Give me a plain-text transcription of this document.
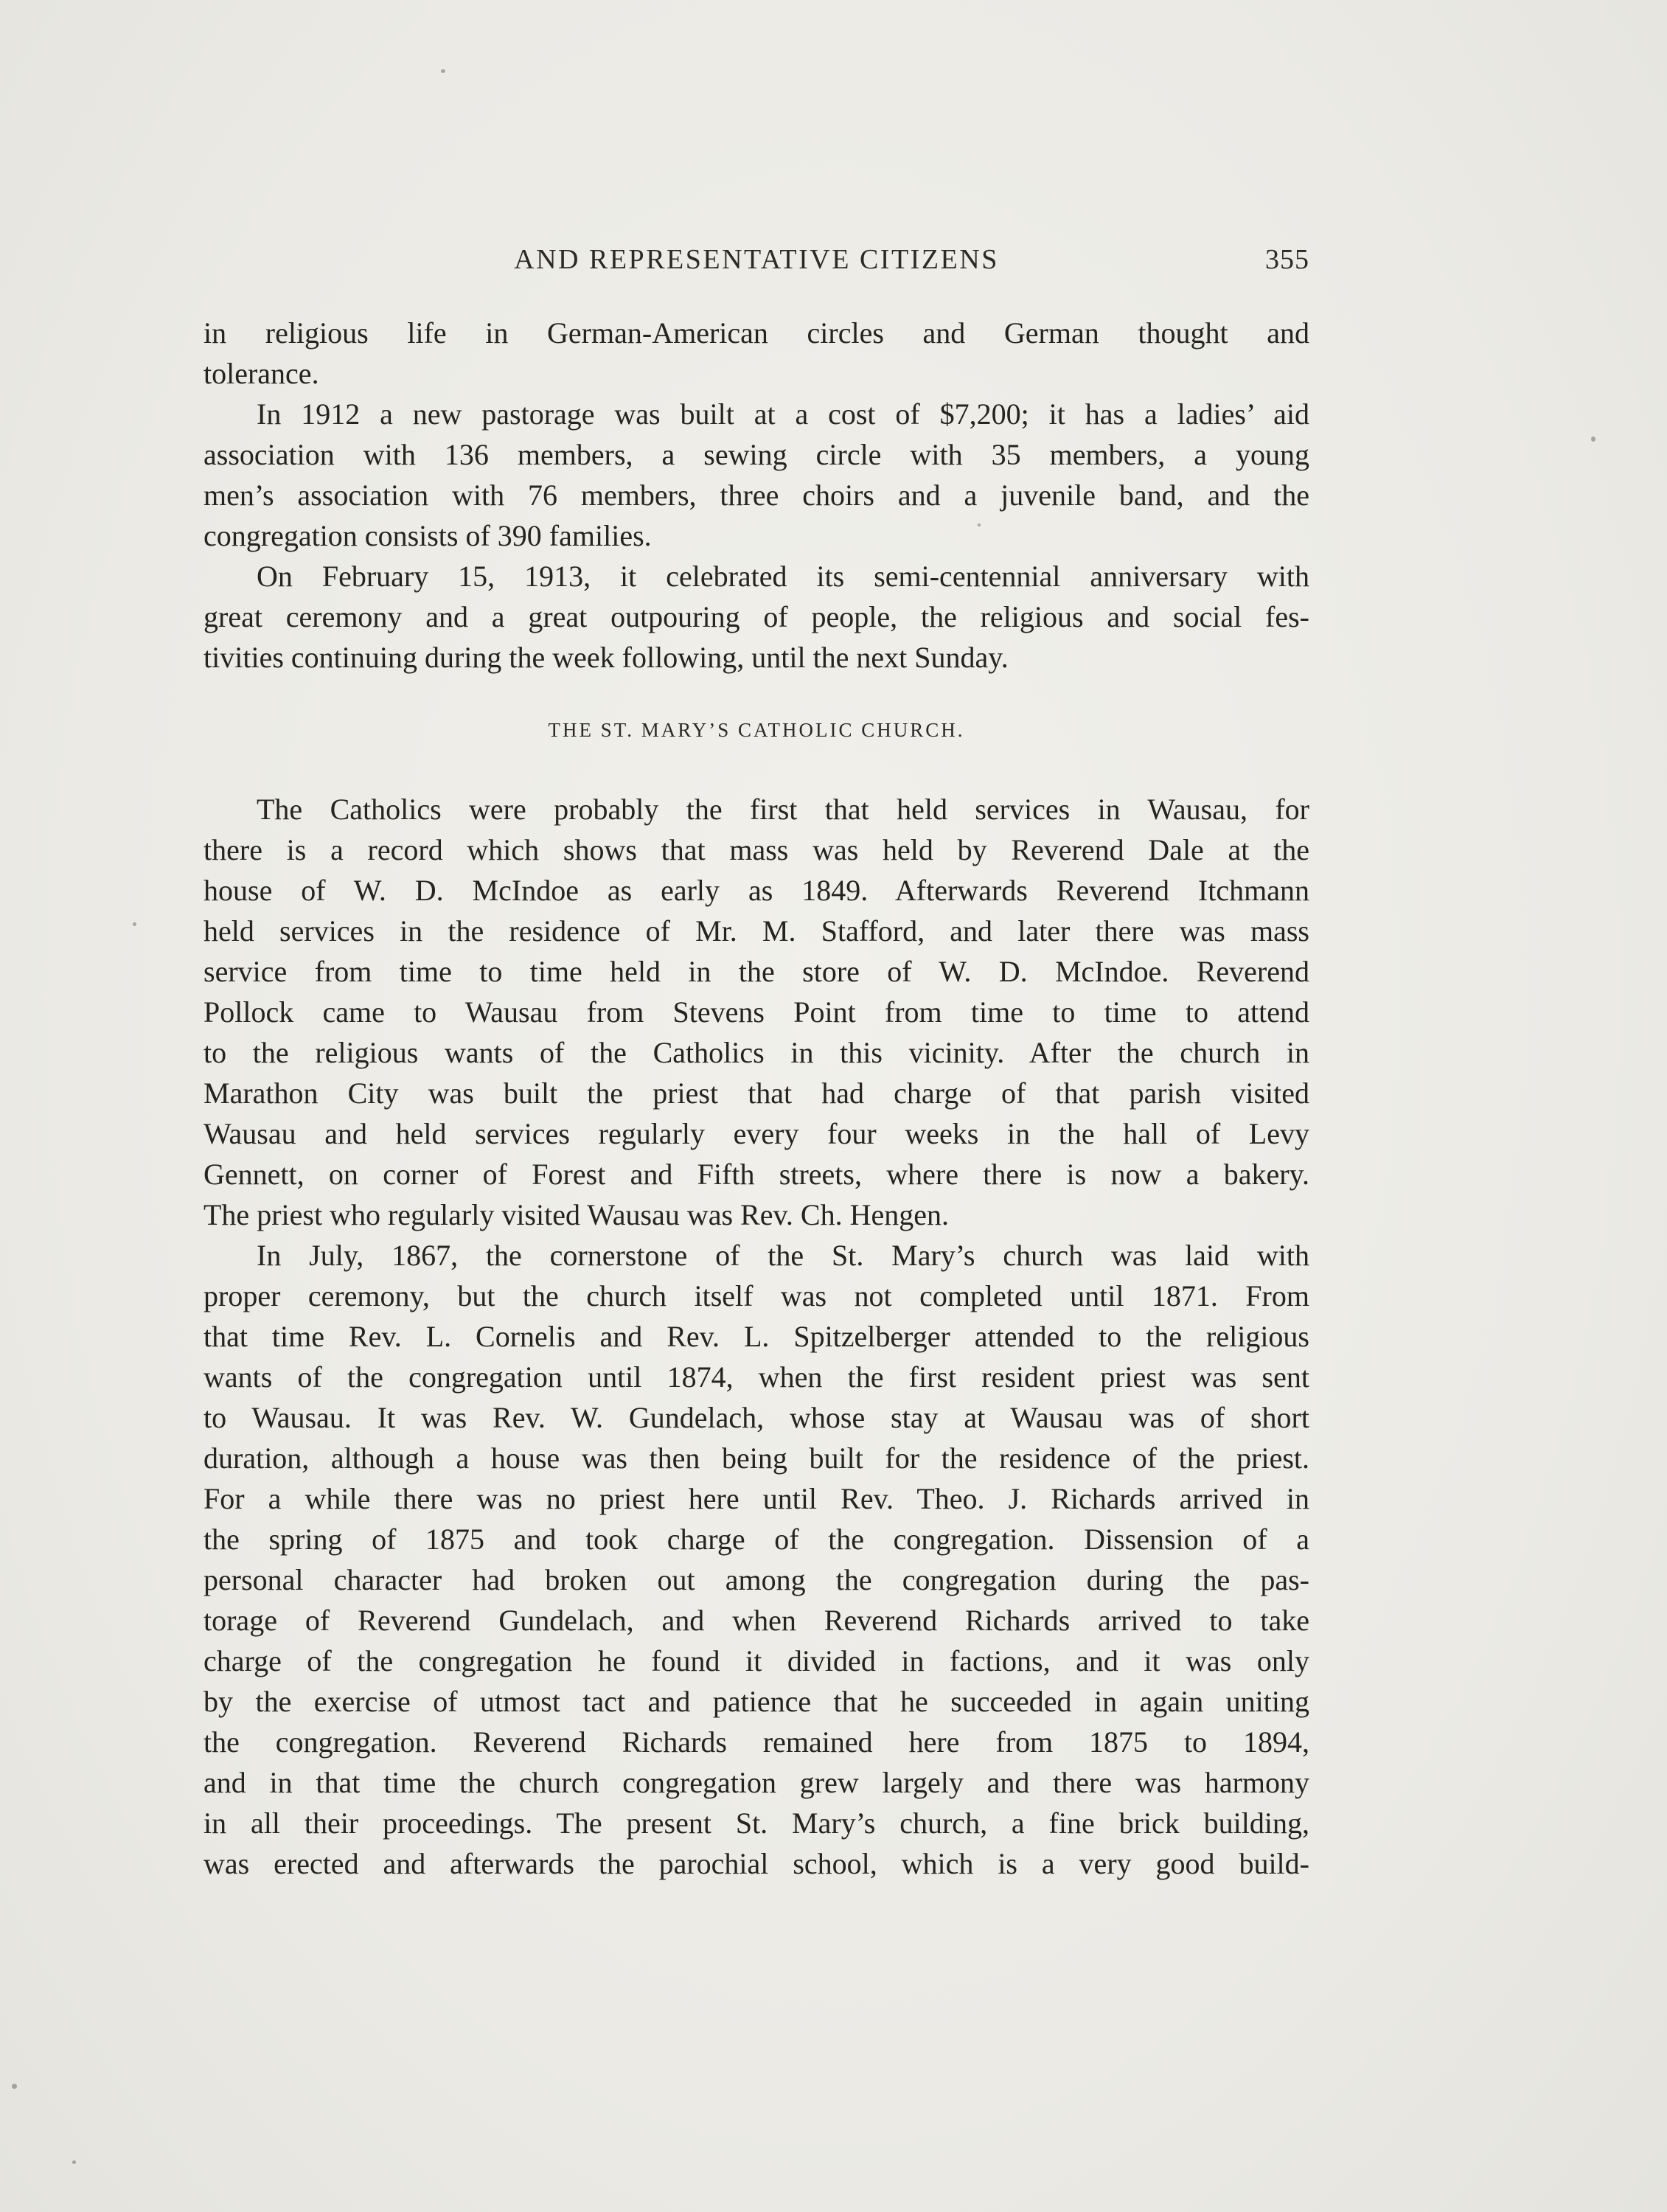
AND REPRESENTATIVE CITIZENS	355
in religious life in German-American circles and German thought and
tolerance.
In 1912 a new pastorage was built at a cost of $7,200; it has a ladies’ aid
association with 136 members, a sewing circle with 35 members, a young
men’s association with 76 members, three choirs and a juvenile band, and the
congregation consists of 390 families.
On February 15, 1913, it celebrated its semi-centennial anniversary with
great ceremony and a great outpouring of people, the religious and social fes-
tivities continuing during the week following, until the next Sunday.
THE ST. MARY’S CATHOLIC CHURCH.
The Catholics were probably the first that held services in Wausau, for
there is a record which shows that mass was held by Reverend Dale at the
house of W. D. McIndoe as early as 1849. Afterwards Reverend Itchmann
held services in the residence of Mr. M. Stafford, and later there was mass
service from time to time held in the store of W. D. McIndoe. Reverend
Pollock came to Wausau from Stevens Point from time to time to attend
to the religious wants of the Catholics in this vicinity. After the church in
Marathon City was built the priest that had charge of that parish visited
Wausau and held services regularly every four weeks in the hall of Levy
Gennett, on corner of Forest and Fifth streets, where there is now a bakery.
The priest who regularly visited Wausau was Rev. Ch. Hengen.
In July, 1867, the cornerstone of the St. Mary’s church was laid with
proper ceremony, but the church itself was not completed until 1871. From
that time Rev. L. Cornelis and Rev. L. Spitzelberger attended to the religious
wants of the congregation until 1874, when the first resident priest was sent
to Wausau. It was Rev. W. Gundelach, whose stay at Wausau was of short
duration, although a house was then being built for the residence of the priest.
For a while there was no priest here until Rev. Theo. J. Richards arrived in
the spring of 1875 and took charge of the congregation. Dissension of a
personal character had broken out among the congregation during the pas-
torage of Reverend Gundelach, and when Reverend Richards arrived to take
charge of the congregation he found it divided in factions, and it was only
by the exercise of utmost tact and patience that he succeeded in again uniting
the congregation. Reverend Richards remained here from 1875 to 1894,
and in that time the church congregation grew largely and there was harmony
in all their proceedings. The present St. Mary’s church, a fine brick building,
was erected and afterwards the parochial school, which is a very good build-
